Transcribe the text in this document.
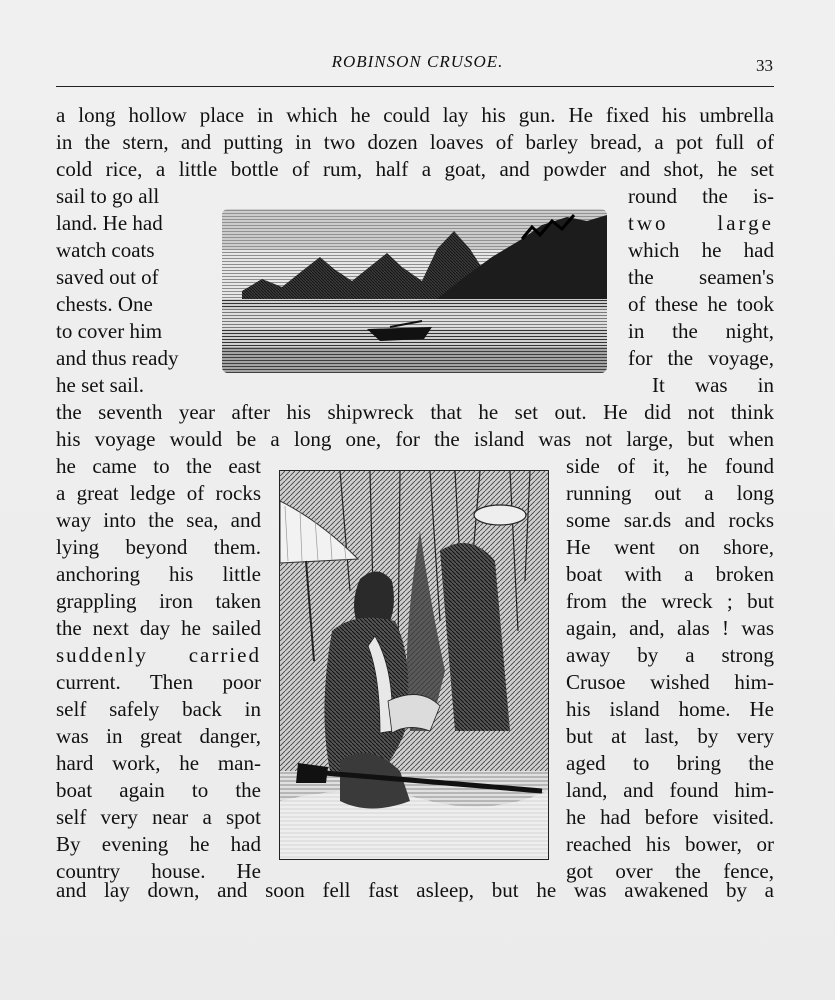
ROBINSON CRUSOE.	33
a long hollow place in which he could lay his gun. He fixed his umbrella
in the stern, and putting in two dozen loaves of barley bread, a pot full of
cold rice, a little bottle of rum, half a goat, and powder and shot, he set
sail to go all
land. He had
watch coats
saved out of
chests. One
to cover him
and thus ready
he set sail.
round the is-
two large
which he had
the seamen's
of these he took
in the night,
for the voyage,
It was in
the seventh year after his shipwreck that he set out. He did not think
his voyage would be a long one, for the island was not large, but when
he came to the east
a great ledge of rocks
way into the sea, and
lying beyond them.
anchoring his little
grappling iron taken
the next day he sailed
suddenly carried
current. Then poor
self safely back in
was in great danger,
hard work, he man-
boat again to the
self very near a spot
By evening he had
country house. He
side of it, he found
running out a long
some sar.ds and rocks
He went on shore,
boat with a broken
from the wreck ; but
again, and, alas ! was
away by a strong
Crusoe wished him-
his island home. He
but at last, by very
aged to bring the
land, and found him-
he had before visited.
reached his bower, or
got over the fence,
and lay down, and soon fell fast asleep, but he was awakened by a
